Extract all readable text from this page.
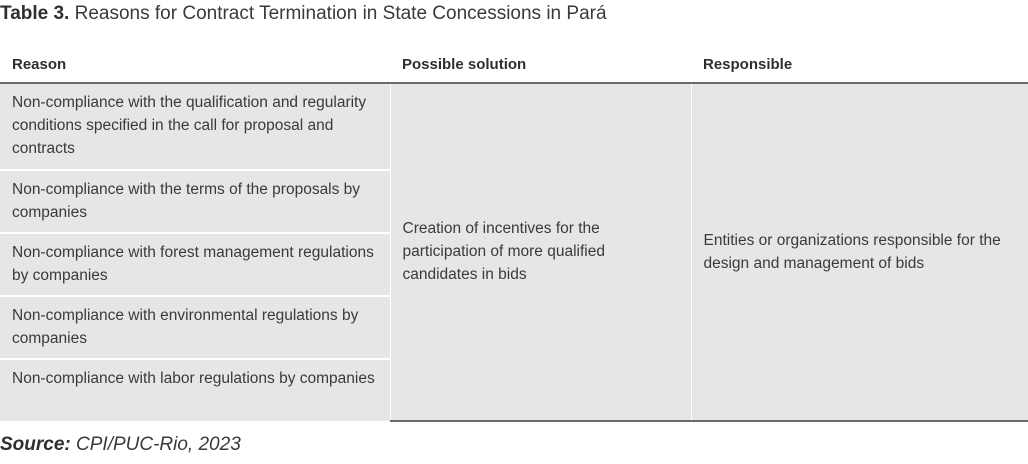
Table 3. Reasons for Contract Termination in State Concessions in Pará
Reason	Possible solution	Responsible
Non-compliance with the qualification and regularity conditions specified in the call for proposal and contracts	Creation of incentives for the participation of more qualified candidates in bids	Entities or organizations responsible for the design and management of bids
Non-compliance with the terms of the proposals by companies		
Non-compliance with forest management regulations by companies		
Non-compliance with environmental regulations by companies		
Non-compliance with labor regulations by companies		
Source: CPI/PUC-Rio, 2023
